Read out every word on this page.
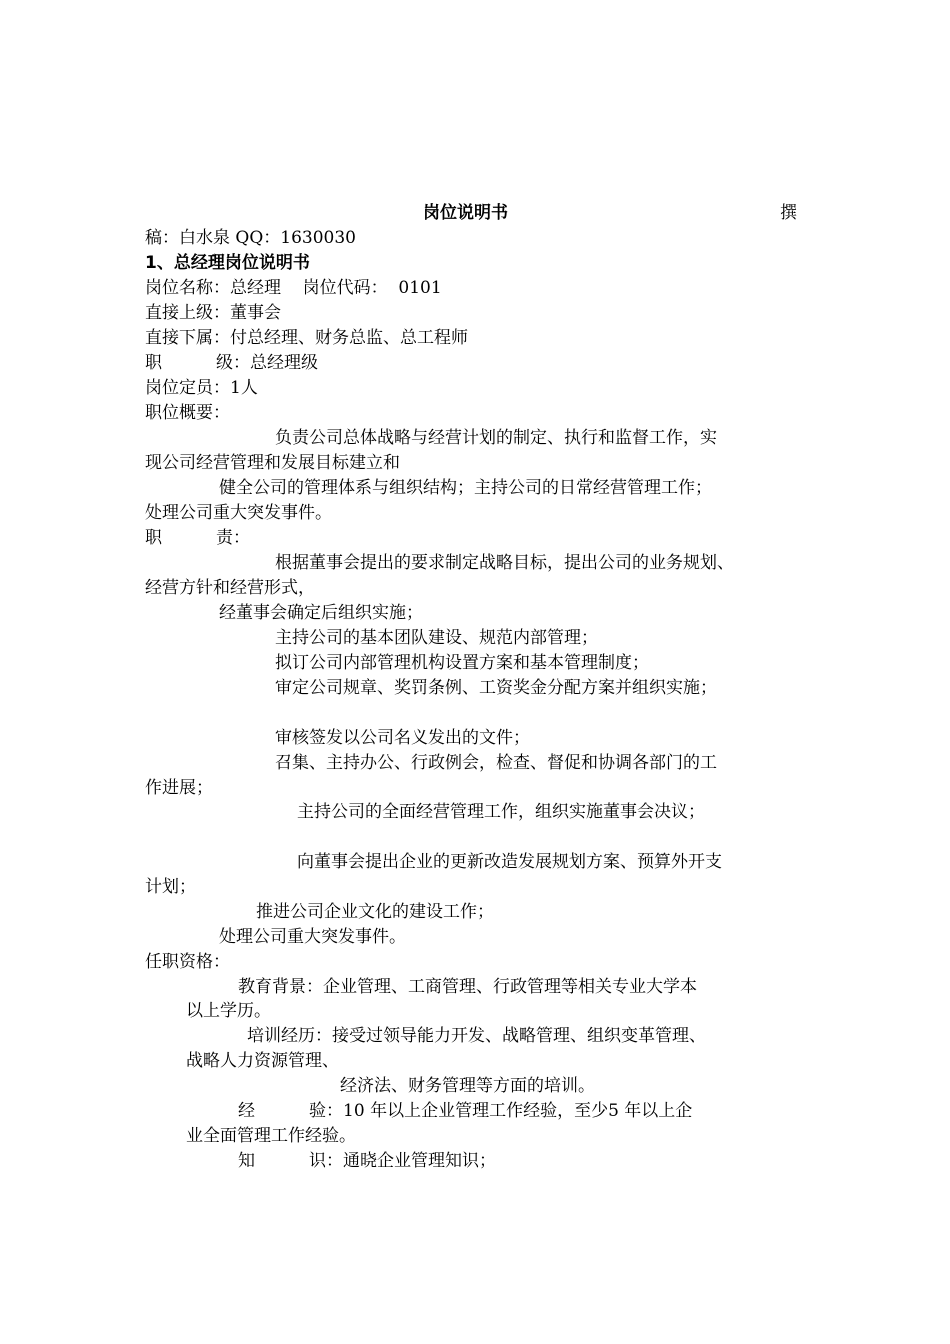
岗位说明书	撰
稿：白水泉 QQ：1630030
1、总经理岗位说明书
岗位名称：总经理    岗位代码：  0101
直接上级：董事会
直接下属：付总经理、财务总监、总工程师
职          级：总经理级
岗位定员：1人
职位概要：
负责公司总体战略与经营计划的制定、执行和监督工作，实
现公司经营管理和发展目标建立和
健全公司的管理体系与组织结构；主持公司的日常经营管理工作；
处理公司重大突发事件。
职          责：
根据董事会提出的要求制定战略目标，提出公司的业务规划、
经营方针和经营形式，
经董事会确定后组织实施；
主持公司的基本团队建设、规范内部管理；
拟订公司内部管理机构设置方案和基本管理制度；
审定公司规章、奖罚条例、工资奖金分配方案并组织实施；
审核签发以公司名义发出的文件；
召集、主持办公、行政例会，检查、督促和协调各部门的工
作进展；
主持公司的全面经营管理工作，组织实施董事会决议；
向董事会提出企业的更新改造发展规划方案、预算外开支
计划；
推进公司企业文化的建设工作；
处理公司重大突发事件。
任职资格：
教育背景：企业管理、工商管理、行政管理等相关专业大学本
以上学历。
培训经历：接受过领导能力开发、战略管理、组织变革管理、
战略人力资源管理、
经济法、财务管理等方面的培训。
经          验：10 年以上企业管理工作经验，至少5 年以上企
业全面管理工作经验。
知          识：通晓企业管理知识；
